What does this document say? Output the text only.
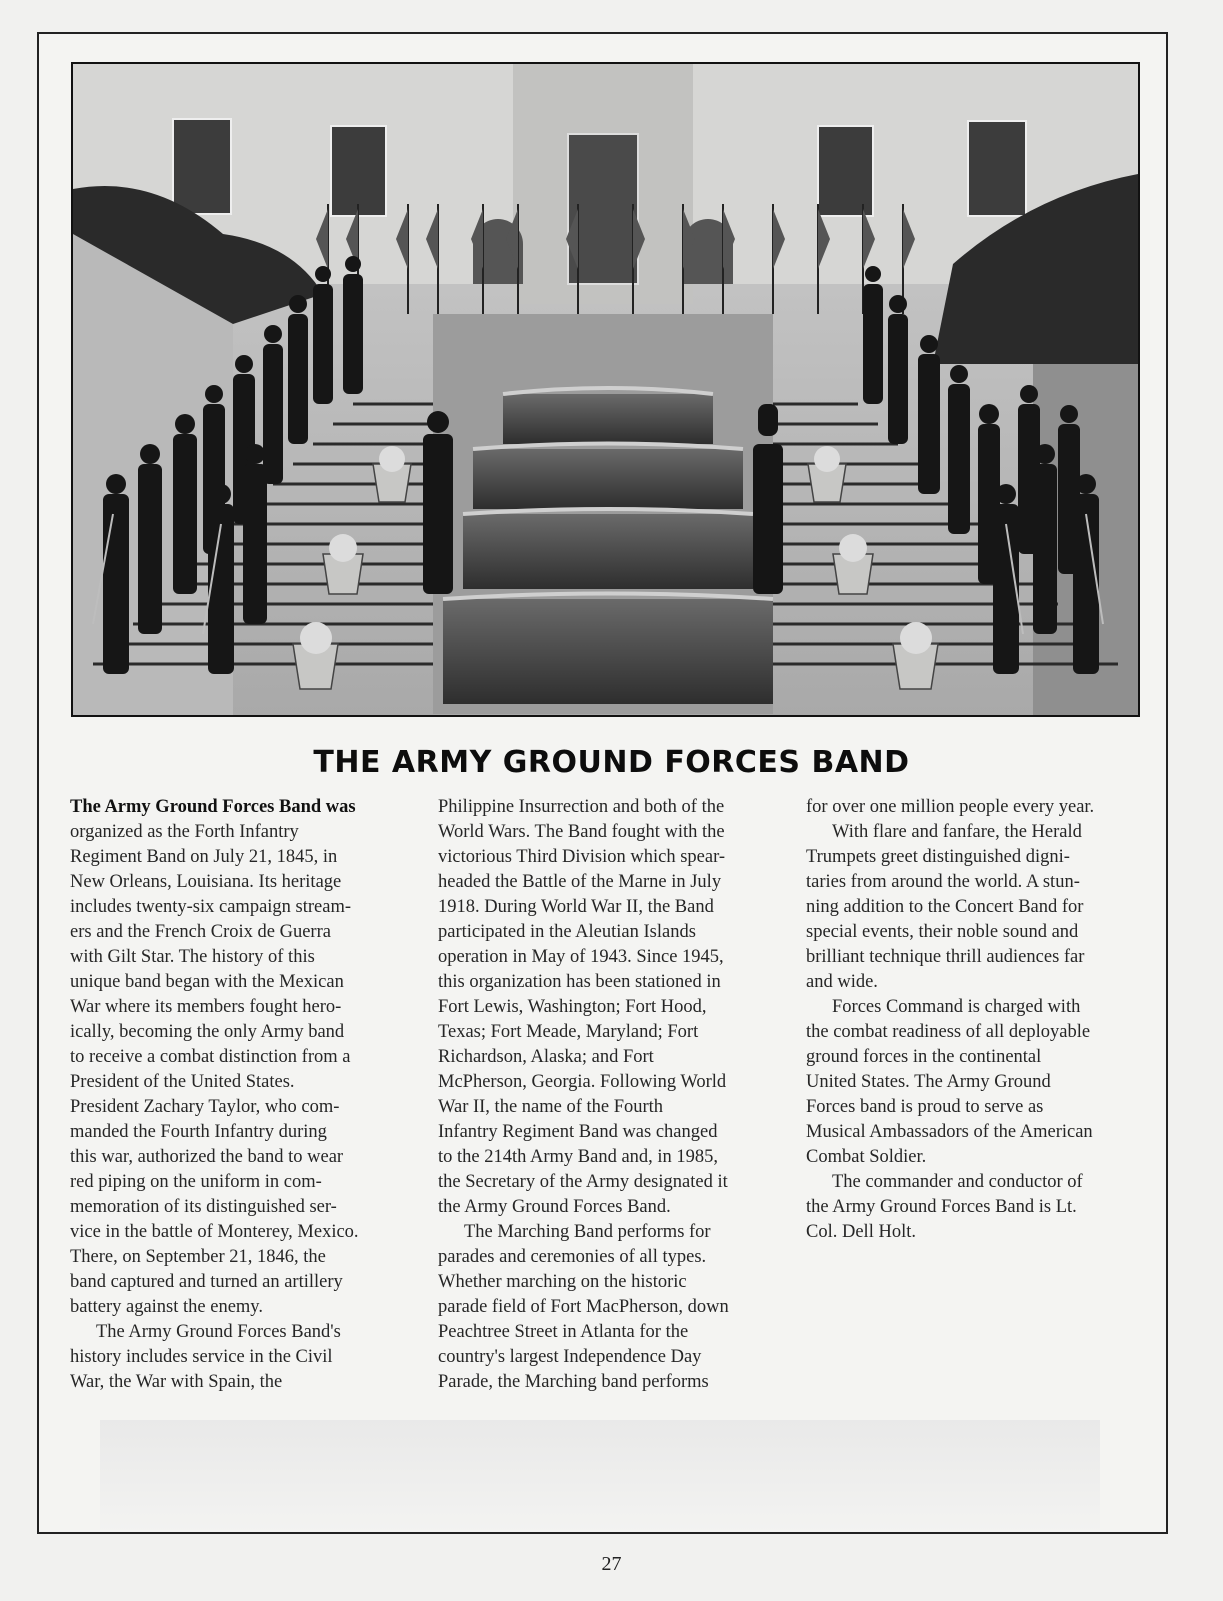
THE ARMY GROUND FORCES BAND
The Army Ground Forces Band was
organized as the Forth Infantry
Regiment Band on July 21, 1845, in
New Orleans, Louisiana. Its heritage
includes twenty-six campaign stream-
ers and the French Croix de Guerra
with Gilt Star. The history of this
unique band began with the Mexican
War where its members fought hero-
ically, becoming the only Army band
to receive a combat distinction from a
President of the United States.
President Zachary Taylor, who com-
manded the Fourth Infantry during
this war, authorized the band to wear
red piping on the uniform in com-
memoration of its distinguished ser-
vice in the battle of Monterey, Mexico.
There, on September 21, 1846, the
band captured and turned an artillery
battery against the enemy.
The Army Ground Forces Band's
history includes service in the Civil
War, the War with Spain, the
Philippine Insurrection and both of the
World Wars. The Band fought with the
victorious Third Division which spear-
headed the Battle of the Marne in July
1918. During World War II, the Band
participated in the Aleutian Islands
operation in May of 1943. Since 1945,
this organization has been stationed in
Fort Lewis, Washington; Fort Hood,
Texas; Fort Meade, Maryland; Fort
Richardson, Alaska; and Fort
McPherson, Georgia. Following World
War II, the name of the Fourth
Infantry Regiment Band was changed
to the 214th Army Band and, in 1985,
the Secretary of the Army designated it
the Army Ground Forces Band.
The Marching Band performs for
parades and ceremonies of all types.
Whether marching on the historic
parade field of Fort MacPherson, down
Peachtree Street in Atlanta for the
country's largest Independence Day
Parade, the Marching band performs
for over one million people every year.
With flare and fanfare, the Herald
Trumpets greet distinguished digni-
taries from around the world. A stun-
ning addition to the Concert Band for
special events, their noble sound and
brilliant technique thrill audiences far
and wide.
Forces Command is charged with
the combat readiness of all deployable
ground forces in the continental
United States. The Army Ground
Forces band is proud to serve as
Musical Ambassadors of the American
Combat Soldier.
The commander and conductor of
the Army Ground Forces Band is Lt.
Col. Dell Holt.
27
